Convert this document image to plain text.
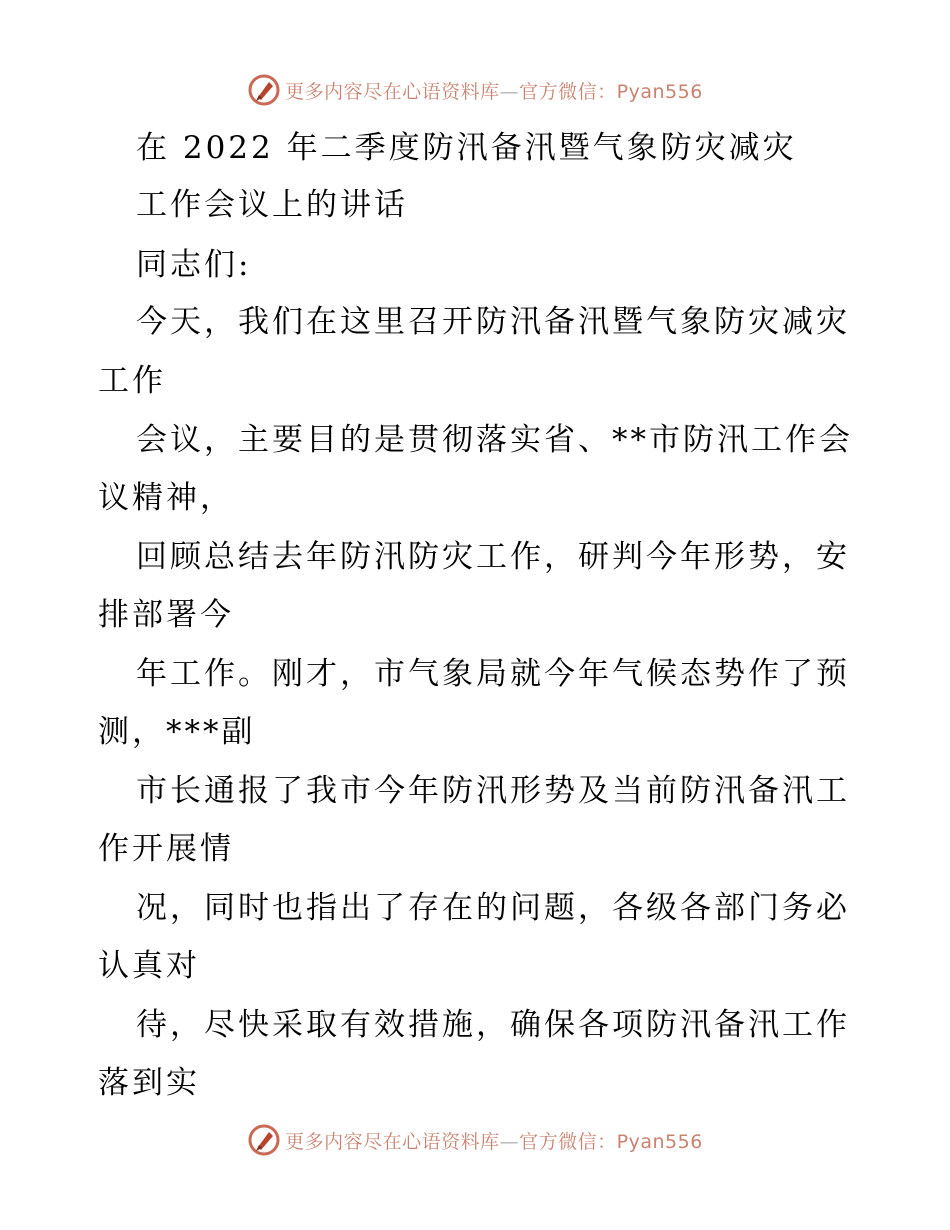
更多内容尽在心语资料库—官方微信：Pyan556
在 2022 年二季度防汛备汛暨气象防灾减灾
工作会议上的讲话
同志们:
今天，我们在这里召开防汛备汛暨气象防灾减灾
工作
会议，主要目的是贯彻落实省、**市防汛工作会
议精神，
回顾总结去年防汛防灾工作，研判今年形势，安
排部署今
年工作。刚才，市气象局就今年气候态势作了预
测，***副
市长通报了我市今年防汛形势及当前防汛备汛工
作开展情
况，同时也指出了存在的问题，各级各部门务必
认真对
待，尽快采取有效措施，确保各项防汛备汛工作
落到实
更多内容尽在心语资料库—官方微信：Pyan556
